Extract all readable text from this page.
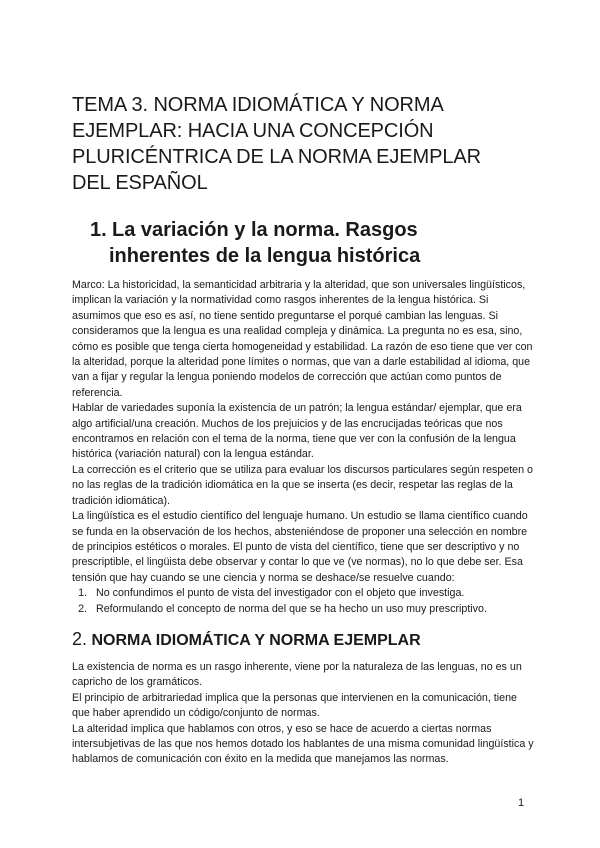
TEMA 3. NORMA IDIOMÁTICA Y NORMA
EJEMPLAR: HACIA UNA CONCEPCIÓN
PLURICÉNTRICA DE LA NORMA EJEMPLAR
DEL ESPAÑOL
1. La variación y la norma. Rasgos
inherentes de la lengua histórica

Marco: La historicidad, la semanticidad arbitraria y la alteridad, que son universales lingüísticos, implican la variación y la normatividad como rasgos inherentes de la lengua histórica. Si asumimos que eso es así, no tiene sentido preguntarse el porqué cambian las lenguas. Si consideramos que la lengua es una realidad compleja y dinámica. La pregunta no es esa, sino, cómo es posible que tenga cierta homogeneidad y estabilidad. La razón de eso tiene que ver con la alteridad, porque la alteridad pone límites o normas, que van a darle estabilidad al idioma, que van a fijar y regular la lengua poniendo modelos de corrección que actúan como puntos de referencia.

Hablar de variedades suponía la existencia de un patrón; la lengua estándar/ ejemplar, que era algo artificial/una creación. Muchos de los prejuicios y de las encrucijadas teóricas que nos encontramos en relación con el tema de la norma, tiene que ver con la confusión de la lengua histórica (variación natural) con la lengua estándar.

La corrección es el criterio que se utiliza para evaluar los discursos particulares según respeten o no las reglas de la tradición idiomática en la que se inserta (es decir, respetar las reglas de la tradición idiomática).

La lingüística es el estudio científico del lenguaje humano. Un estudio se llama científico cuando se funda en la observación de los hechos, absteniéndose de proponer una selección en nombre de principios estéticos o morales. El punto de vista del científico, tiene que ser descriptivo y no prescriptible, el lingüista debe observar y contar lo que ve (ve normas), no lo que debe ser. Esa tensión que hay cuando se une ciencia y norma se deshace/se resuelve cuando:

1. No confundimos el punto de vista del investigador con el objeto que investiga.
2. Reformulando el concepto de norma del que se ha hecho un uso muy prescriptivo.
2. NORMA IDIOMÁTICA Y NORMA EJEMPLAR

La existencia de norma es un rasgo inherente, viene por la naturaleza de las lenguas, no es un capricho de los gramáticos.

El principio de arbitrariedad implica que la personas que intervienen en la comunicación, tiene que haber aprendido un código/conjunto de normas.

La alteridad implica que hablamos con otros, y eso se hace de acuerdo a ciertas normas intersubjetivas de las que nos hemos dotado los hablantes de una misma comunidad lingüística y hablamos de comunicación con éxito en la medida que manejamos las normas.

1
